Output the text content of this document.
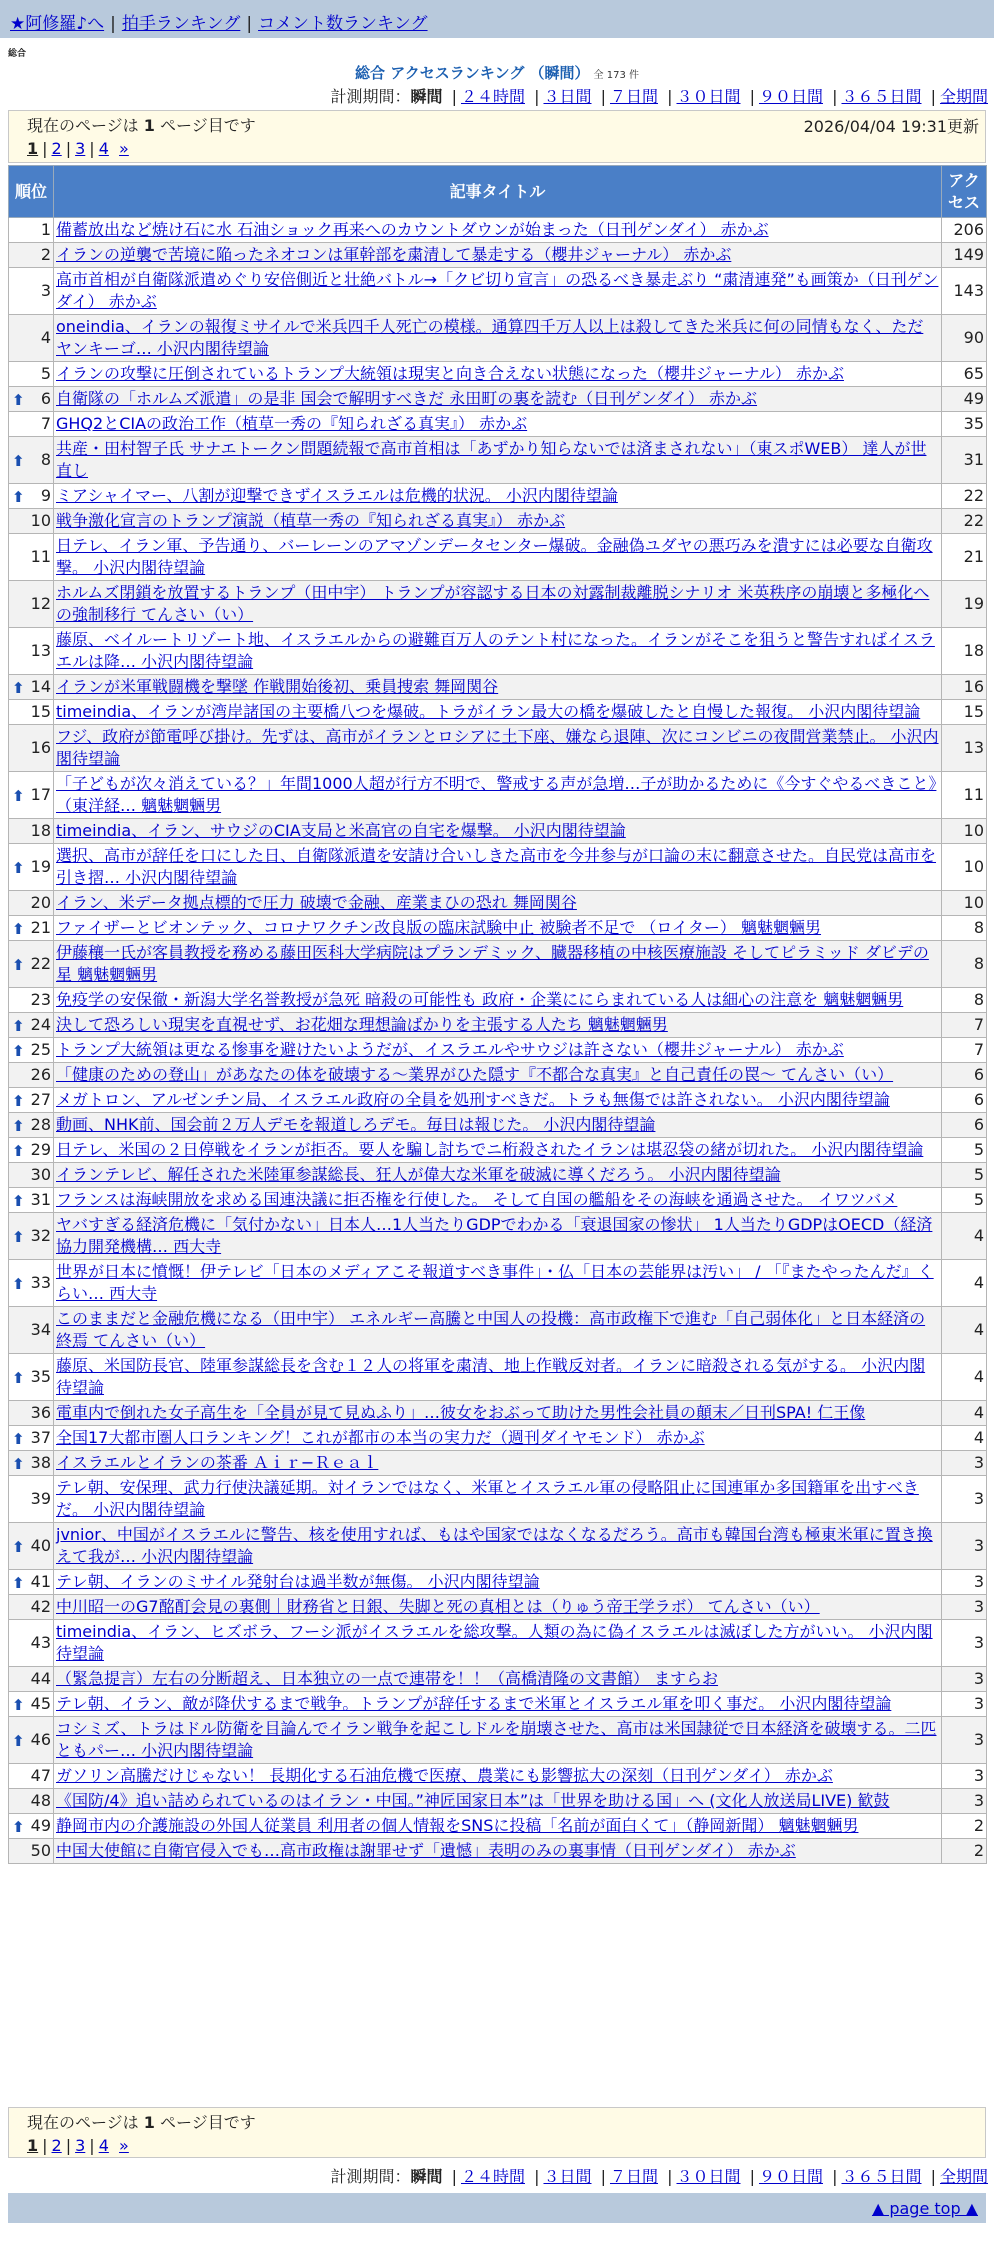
★阿修羅♪へ | 拍手ランキング | コメント数ランキング
総合
総合 アクセスランキング （瞬間） 全 173 件
計測期間：瞬間 | ２４時間 | ３日間 | ７日間 | ３０日間 | ９０日間 | ３６５日間 | 全期間
現在のページは 1 ページ目です	2026/04/04 19:31更新
1 | 2 | 3 | 4 »
順位	記事タイトル	アクセス
1	備蓄放出など焼け石に水 石油ショック再来へのカウントダウンが始まった（日刊ゲンダイ） 赤かぶ	206
2	イランの逆襲で苦境に陥ったネオコンは軍幹部を粛清して暴走する（櫻井ジャーナル） 赤かぶ	149
3	高市首相が自衛隊派遣めぐり安倍側近と壮絶バトル→「クビ切り宣言」の恐るべき暴走ぶり “粛清連発”も画策か（日刊ゲンダイ） 赤かぶ	143
4	oneindia、イランの報復ミサイルで米兵四千人死亡の模様。通算四千万人以上は殺してきた米兵に何の同情もなく、ただヤンキーゴ… 小沢内閣待望論	90
5	イランの攻撃に圧倒されているトランプ大統領は現実と向き合えない状態になった（櫻井ジャーナル） 赤かぶ	65

⬆ 6	自衛隊の「ホルムズ派遣」の是非 国会で解明すべきだ 永田町の裏を読む（日刊ゲンダイ） 赤かぶ	49
7	GHQ2とCIAの政治工作（植草一秀の『知られざる真実』） 赤かぶ	35

⬆ 8	共産・田村智子氏 サナエトークン問題続報で高市首相は「あずかり知らないでは済まされない」（東スポWEB） 達人が世直し	31

⬆ 9	ミアシャイマー、八割が迎撃できずイスラエルは危機的状況。 小沢内閣待望論	22
10	戦争激化宣言のトランプ演説（植草一秀の『知られざる真実』） 赤かぶ	22
11	日テレ、イラン軍、予告通り、バーレーンのアマゾンデータセンター爆破。金融偽ユダヤの悪巧みを潰すには必要な自衛攻撃。 小沢内閣待望論	21
12	ホルムズ閉鎖を放置するトランプ（田中宇） トランプが容認する日本の対露制裁離脱シナリオ 米英秩序の崩壊と多極化への強制移行 てんさい（い）	19
13	藤原、ベイルートリゾート地、イスラエルからの避難百万人のテント村になった。イランがそこを狙うと警告すればイスラエルは降… 小沢内閣待望論	18

⬆ 14	イランが米軍戦闘機を撃墜 作戦開始後初、乗員捜索 舞岡関谷	16
15	timeindia、イランが湾岸諸国の主要橋八つを爆破。トラがイラン最大の橋を爆破したと自慢した報復。 小沢内閣待望論	15
16	フジ、政府が節電呼び掛け。先ずは、高市がイランとロシアに土下座、嫌なら退陣、次にコンビニの夜間営業禁止。 小沢内閣待望論	13

⬆ 17	「子どもが次々消えている？」年間1000人超が行方不明で、警戒する声が急増…子が助かるために《今すぐやるべきこと》（東洋経… 魑魅魍魎男	11
18	timeindia、イラン、サウジのCIA支局と米高官の自宅を爆撃。 小沢内閣待望論	10

⬆ 19	選択、高市が辞任を口にした日、自衛隊派遣を安請け合いしきた高市を今井参与が口論の末に翻意させた。自民党は高市を引き摺… 小沢内閣待望論	10
20	イラン、米データ拠点標的で圧力 破壊で金融、産業まひの恐れ 舞岡関谷	10

⬆ 21	ファイザーとビオンテック、コロナワクチン改良版の臨床試験中止 被験者不足で （ロイター） 魑魅魍魎男	8

⬆ 22	伊藤穰一氏が客員教授を務める藤田医科大学病院はプランデミック、臓器移植の中核医療施設 そしてピラミッド ダビデの星 魑魅魍魎男	8
23	免疫学の安保徹・新潟大学名誉教授が急死 暗殺の可能性も 政府・企業ににらまれている人は細心の注意を 魑魅魍魎男	8

⬆ 24	決して恐ろしい現実を直視せず、お花畑な理想論ばかりを主張する人たち 魑魅魍魎男	7

⬆ 25	トランプ大統領は更なる惨事を避けたいようだが、イスラエルやサウジは許さない（櫻井ジャーナル） 赤かぶ	7
26	「健康のための登山」があなたの体を破壊する〜業界がひた隠す『不都合な真実』と自己責任の罠〜 てんさい（い）	6

⬆ 27	メガトロン、アルゼンチン局、イスラエル政府の全員を処刑すべきだ。トラも無傷では許されない。 小沢内閣待望論	6

⬆ 28	動画、NHK前、国会前２万人デモを報道しろデモ。毎日は報じた。 小沢内閣待望論	6

⬆ 29	日テレ、米国の２日停戦をイランが拒否。要人を騙し討ちでニ桁殺されたイランは堪忍袋の緒が切れた。 小沢内閣待望論	5
30	イランテレビ、解任された米陸軍参謀総長、狂人が偉大な米軍を破滅に導くだろう。 小沢内閣待望論	5

⬆ 31	フランスは海峡開放を求める国連決議に拒否権を行使した。 そして自国の艦船をその海峡を通過させた。 イワツバメ	5

⬆ 32	ヤバすぎる経済危機に「気付かない」日本人…1人当たりGDPでわかる「衰退国家の惨状」 1人当たりGDPはOECD（経済協力開発機構… 西大寺	4

⬆ 33	世界が日本に憤慨！伊テレビ「日本のメディアこそ報道すべき事件」・仏「日本の芸能界は汚い」 / 「『またやったんだ』くらい… 西大寺	4
34	このままだと金融危機になる（田中宇） エネルギー高騰と中国人の投機：高市政権下で進む「自己弱体化」と日本経済の終焉 てんさい（い）	4

⬆ 35	藤原、米国防長官、陸軍参謀総長を含む１２人の将軍を粛清、地上作戦反対者。イランに暗殺される気がする。 小沢内閣待望論	4
36	電車内で倒れた女子高生を「全員が見て見ぬふり」…彼女をおぶって助けた男性会社員の顛末／日刊SPA! 仁王像	4

⬆ 37	全国17大都市圏人口ランキング！これが都市の本当の実力だ（週刊ダイヤモンド） 赤かぶ	4

⬆ 38	イスラエルとイランの茶番 Ａｉｒ−Ｒｅａｌ	3
39	テレ朝、安保理、武力行使決議延期。対イランではなく、米軍とイスラエル軍の侵略阻止に国連軍か多国籍軍を出すべきだ。 小沢内閣待望論	3

⬆ 40	jvnior、中国がイスラエルに警告、核を使用すれば、もはや国家ではなくなるだろう。高市も韓国台湾も極東米軍に置き換えて我が… 小沢内閣待望論	3

⬆ 41	テレ朝、イランのミサイル発射台は過半数が無傷。 小沢内閣待望論	3
42	中川昭一のG7酩酊会見の裏側｜財務省と日銀、失脚と死の真相とは（りゅう帝王学ラボ） てんさい（い）	3
43	timeindia、イラン、ヒズボラ、フーシ派がイスラエルを総攻撃。人類の為に偽イスラエルは滅ぼした方がいい。 小沢内閣待望論	3
44	（緊急提言）左右の分断超え、日本独立の一点で連帯を！！（高橋清隆の文書館） ますらお	3

⬆ 45	テレ朝、イラン、敵が降伏するまで戦争。トランプが辞任するまで米軍とイスラエル軍を叩く事だ。 小沢内閣待望論	3

⬆ 46	コシミズ、トラはドル防衛を目論んでイラン戦争を起こしドルを崩壊させた、高市は米国隷従で日本経済を破壊する。二匹ともパー… 小沢内閣待望論	3
47	ガソリン高騰だけじゃない！ 長期化する石油危機で医療、農業にも影響拡大の深刻（日刊ゲンダイ） 赤かぶ	3
48	《国防/4》追い詰められているのはイラン・中国。”神匠国家日本”は「世界を助ける国」へ (文化人放送局LIVE) 歓鼓	3

⬆ 49	静岡市内の介護施設の外国人従業員 利用者の個人情報をSNSに投稿「名前が面白くて」（静岡新聞） 魑魅魍魎男	2
50	中国大使館に自衛官侵入でも…高市政権は謝罪せず「遺憾」表明のみの裏事情（日刊ゲンダイ） 赤かぶ	2
現在のページは 1 ページ目です
1 | 2 | 3 | 4 »
計測期間：瞬間 | ２４時間 | ３日間 | ７日間 | ３０日間 | ９０日間 | ３６５日間 | 全期間
▲ page top ▲
